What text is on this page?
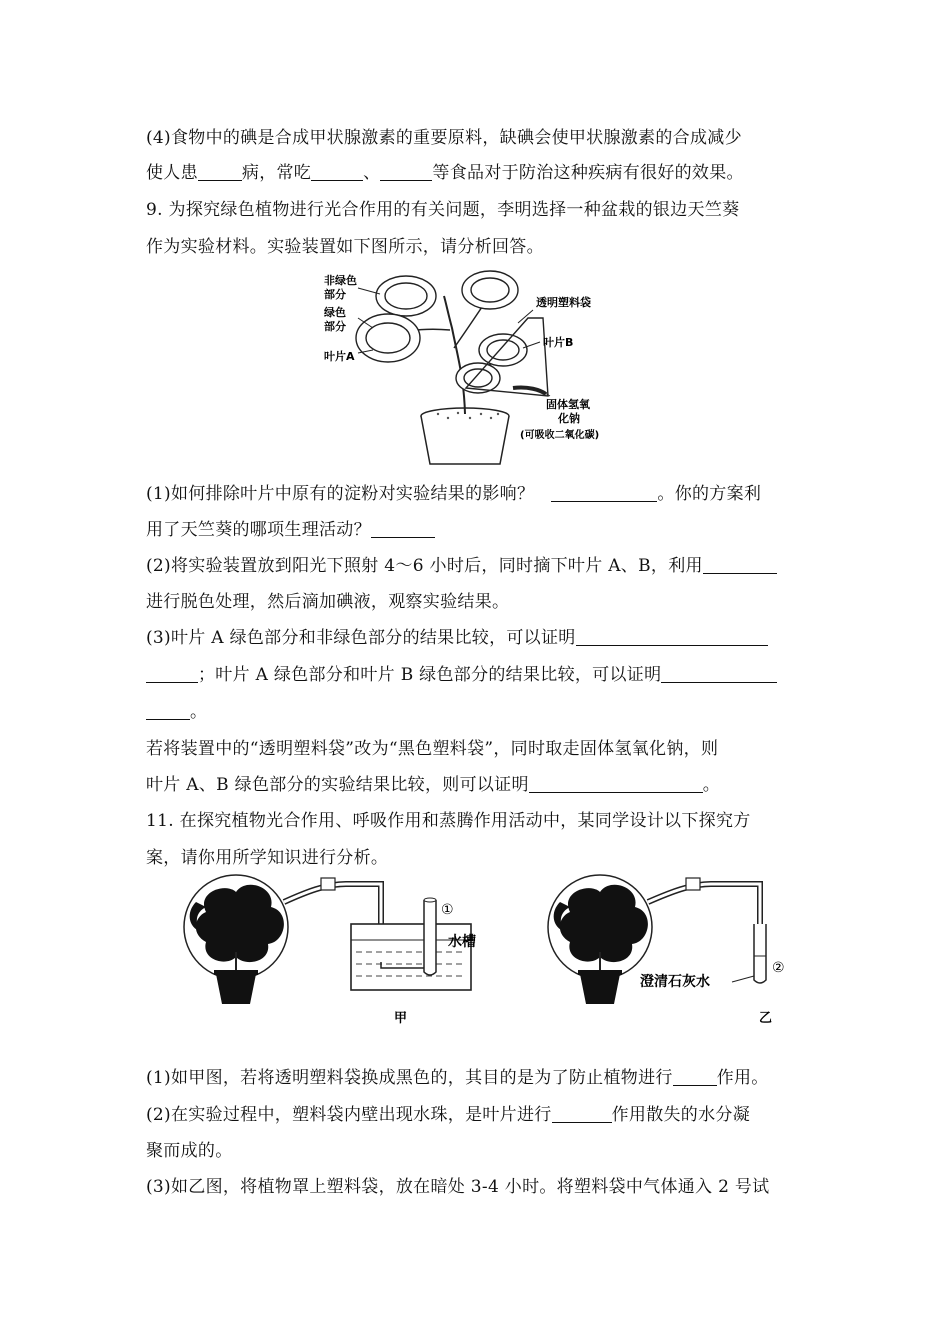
(4)食物中的碘是合成甲状腺激素的重要原料，缺碘会使甲状腺激素的合成减少
使人患	病，常吃	、	等食品对于防治这种疾病有很好的效果。
9. 为探究绿色植物进行光合作用的有关问题，李明选择一种盆栽的银边天竺葵
作为实验材料。实验装置如下图所示，请分析回答。
非绿色
部分
绿色
部分
叶片A
透明塑料袋
叶片B
固体氢氧
化钠
(可吸收二氧化碳)
(1)如何排除叶片中原有的淀粉对实验结果的影响？	。你的方案利
用了天竺葵的哪项生理活动？
(2)将实验装置放到阳光下照射 4～6 小时后，同时摘下叶片 A、B，利用
进行脱色处理，然后滴加碘液，观察实验结果。
(3)叶片 A 绿色部分和非绿色部分的结果比较，可以证明
；叶片 A 绿色部分和叶片 B 绿色部分的结果比较，可以证明
。
若将装置中的“透明塑料袋”改为“黑色塑料袋”，同时取走固体氢氧化钠，则
叶片 A、B 绿色部分的实验结果比较，则可以证明	。
11. 在探究植物光合作用、呼吸作用和蒸腾作用活动中，某同学设计以下探究方
案，请你用所学知识进行分析。
①
水槽
甲
②
澄清石灰水
乙
(1)如甲图，若将透明塑料袋换成黑色的，其目的是为了防止植物进行	作用。
(2)在实验过程中，塑料袋内壁出现水珠，是叶片进行	作用散失的水分凝
聚而成的。
(3)如乙图，将植物罩上塑料袋，放在暗处 3-4 小时。将塑料袋中气体通入 2 号试
